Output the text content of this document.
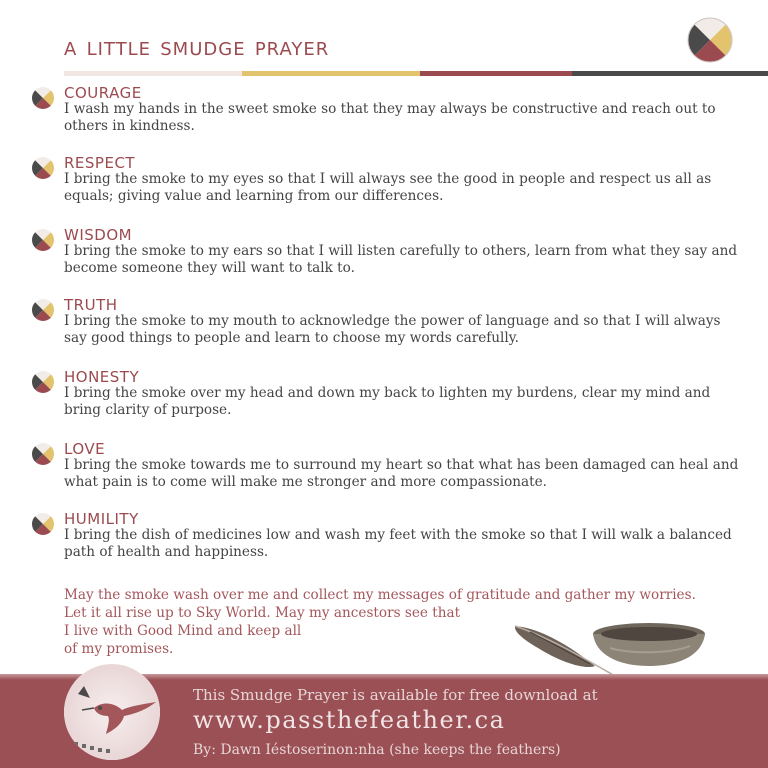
a little smudge prayer
COURAGE
I wash my hands in the sweet smoke so that they may always be constructive and reach out to others in kindness.
RESPECT
I bring the smoke to my eyes so that I will always see the good in people and respect us all as equals; giving value and learning from our differences.
WISDOM
I bring the smoke to my ears so that I will listen carefully to others, learn from what they say and become someone they will want to talk to.
TRUTH
I bring the smoke to my mouth to acknowledge the power of language and so that I will always say good things to people and learn to choose my words carefully.
HONESTY
I bring the smoke over my head and down my back to lighten my burdens, clear my mind and bring clarity of purpose.
LOVE
I bring the smoke towards me to surround my heart so that what has been damaged can heal and what pain is to come will make me stronger and more compassionate.
HUMILITY
I bring the dish of medicines low and wash my feet with the smoke so that I will walk a balanced path of health and happiness.
May the smoke wash over me and collect my messages of gratitude and gather my worries.
Let it all rise up to Sky World. May my ancestors see that
I live with Good Mind and keep all
of my promises.
This Smudge Prayer is available for free download at
www.passthefeather.ca
By: Dawn Iéstoserinon:nha (she keeps the feathers)
